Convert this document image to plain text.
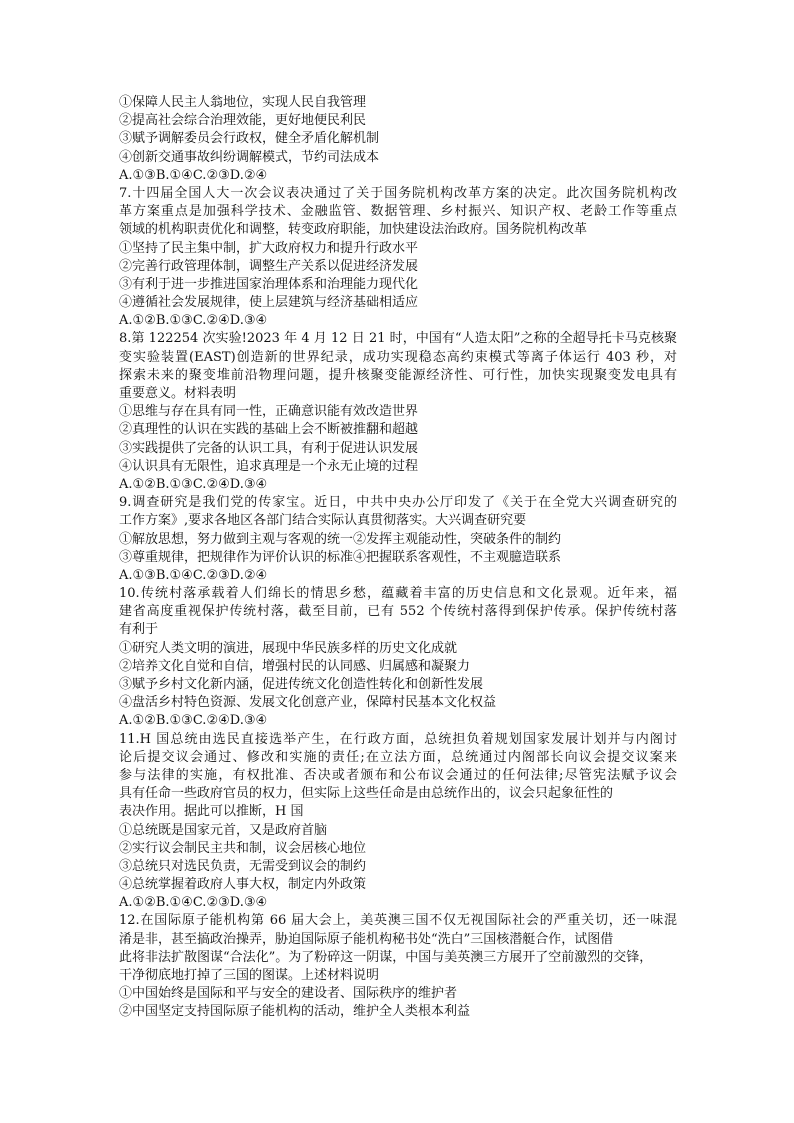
①保障人民主人翁地位，实现人民自我管理
②提高社会综合治理效能，更好地便民利民
③赋予调解委员会行政权，健全矛盾化解机制
④创新交通事故纠纷调解模式，节约司法成本
A.①③B.①④C.②③D.②④
7.十四届全国人大一次会议表决通过了关于国务院机构改革方案的决定。此次国务院机构改
革方案重点是加强科学技术、金融监管、数据管理、乡村振兴、知识产权、老龄工作等重点
领域的机构职责优化和调整，转变政府职能，加快建设法治政府。国务院机构改革
①坚持了民主集中制，扩大政府权力和提升行政水平
②完善行政管理体制，调整生产关系以促进经济发展
③有利于进一步推进国家治理体系和治理能力现代化
④遵循社会发展规律，使上层建筑与经济基础相适应
A.①②B.①③C.②④D.③④
8.第 122254 次实验!2023 年 4 月 12 日 21 时，中国有“人造太阳”之称的全超导托卡马克核聚
变实验装置(EAST)创造新的世界纪录，成功实现稳态高约束模式等离子体运行 403 秒，对
探索未来的聚变堆前沿物理问题，提升核聚变能源经济性、可行性，加快实现聚变发电具有
重要意义。材料表明
①思维与存在具有同一性，正确意识能有效改造世界
②真理性的认识在实践的基础上会不断被推翻和超越
③实践提供了完备的认识工具，有利于促进认识发展
④认识具有无限性，追求真理是一个永无止境的过程
A.①②B.①③C.②④D.③④
9.调查研究是我们党的传家宝。近日，中共中央办公厅印发了《关于在全党大兴调查研究的
工作方案》,要求各地区各部门结合实际认真贯彻落实。大兴调查研究要
①解放思想，努力做到主观与客观的统一②发挥主观能动性，突破条件的制约
③尊重规律，把规律作为评价认识的标准④把握联系客观性，不主观臆造联系
A.①③B.①④C.②③D.②④
10.传统村落承载着人们绵长的情思乡愁，蕴藏着丰富的历史信息和文化景观。近年来，福
建省高度重视保护传统村落，截至目前，已有 552 个传统村落得到保护传承。保护传统村落
有利于
①研究人类文明的演进，展现中华民族多样的历史文化成就
②培养文化自觉和自信，增强村民的认同感、归属感和凝聚力
③赋予乡村文化新内涵，促进传统文化创造性转化和创新性发展
④盘活乡村特色资源、发展文化创意产业，保障村民基本文化权益
A.①②B.①③C.②④D.③④
11.H 国总统由选民直接选举产生，在行政方面，总统担负着规划国家发展计划并与内阁讨
论后提交议会通过、修改和实施的责任;在立法方面，总统通过内阁部长向议会提交议案来
参与法律的实施，有权批准、否决或者颁布和公布议会通过的任何法律;尽管宪法赋予议会
具有任命一些政府官员的权力，但实际上这些任命是由总统作出的，议会只起象征性的
表决作用。据此可以推断，H 国
①总统既是国家元首，又是政府首脑
②实行议会制民主共和制，议会居核心地位
③总统只对选民负责，无需受到议会的制约
④总统掌握着政府人事大权，制定内外政策
A.①②B.①④C.②③D.③④
12.在国际原子能机构第 66 届大会上，美英澳三国不仅无视国际社会的严重关切，还一味混
淆是非，甚至搞政治操弄，胁迫国际原子能机构秘书处“洗白”三国核潜艇合作，试图借
此将非法扩散图谋“合法化”。为了粉碎这一阴谋，中国与美英澳三方展开了空前激烈的交锋，
干净彻底地打掉了三国的图谋。上述材料说明
①中国始终是国际和平与安全的建设者、国际秩序的维护者
②中国坚定支持国际原子能机构的活动，维护全人类根本利益
